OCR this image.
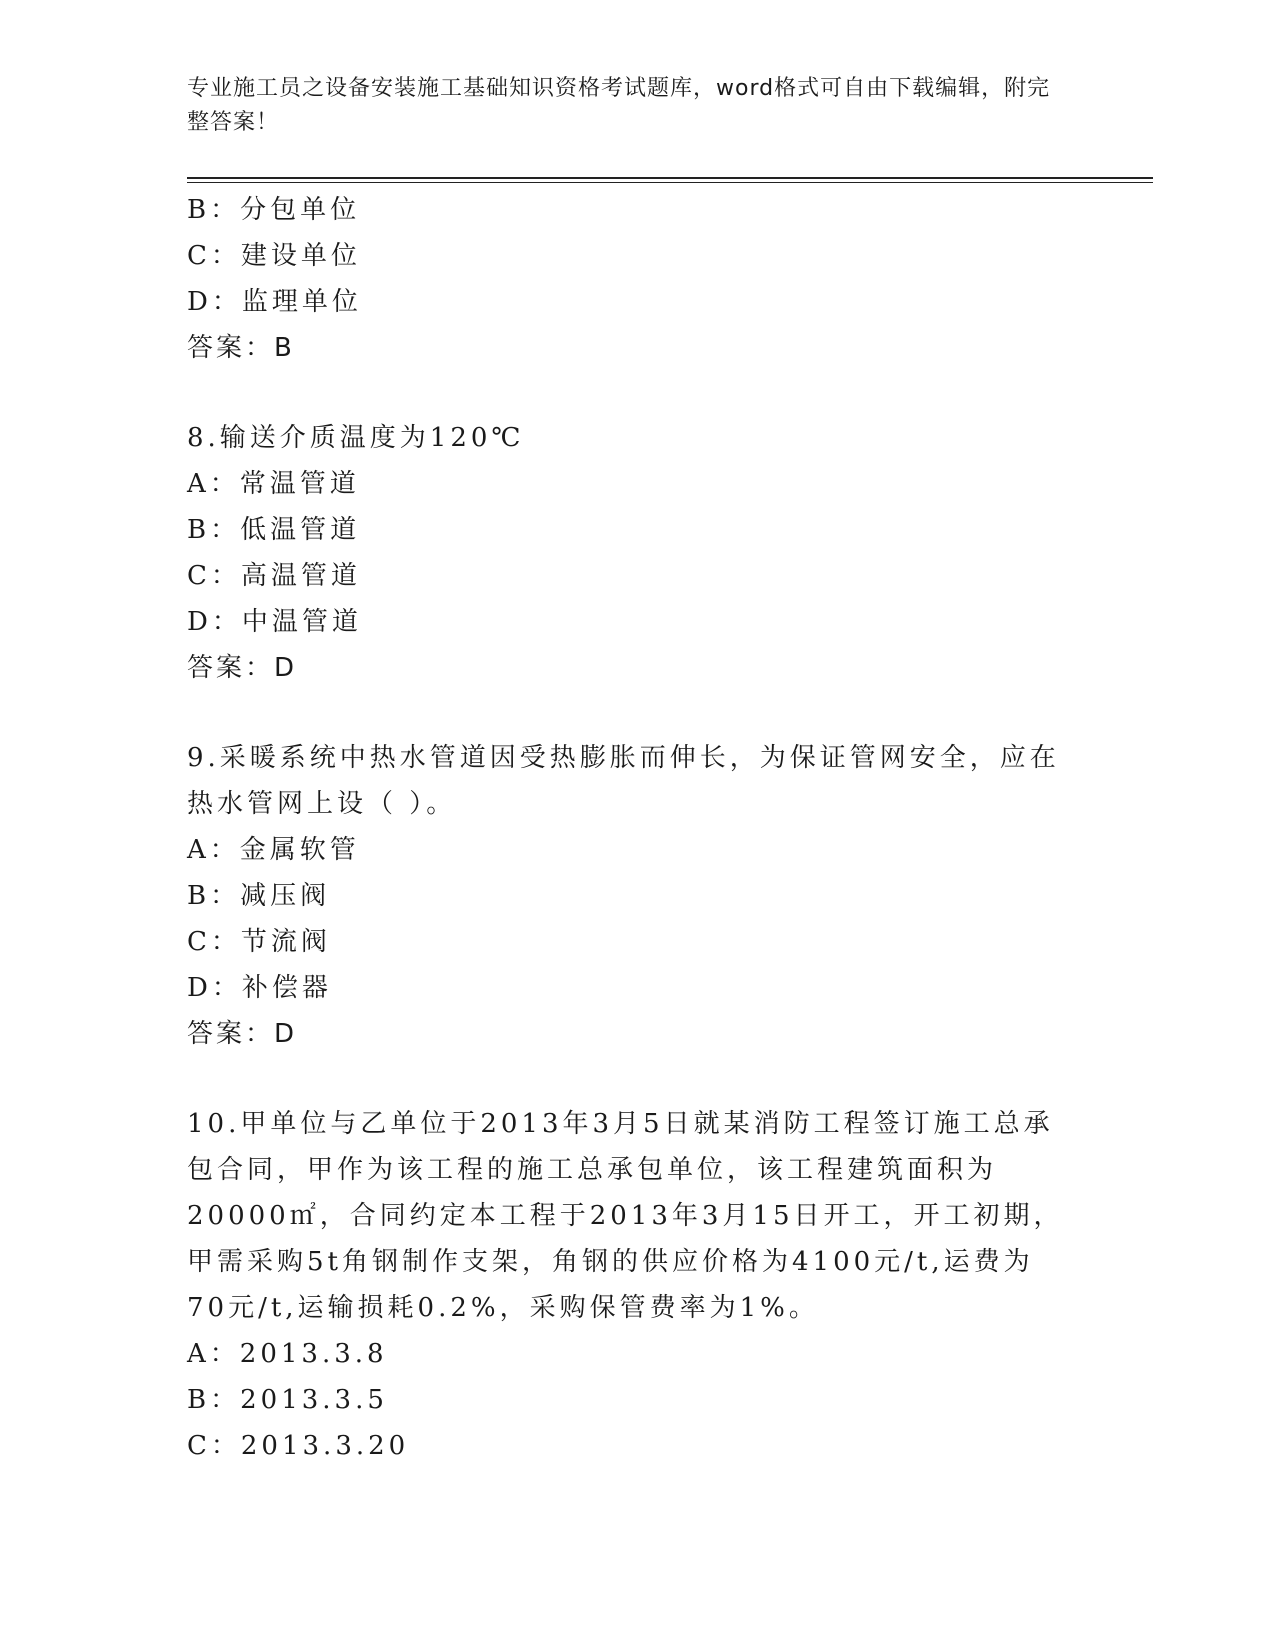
专业施工员之设备安装施工基础知识资格考试题库，word格式可自由下载编辑，附完整答案！
B：分包单位
C：建设单位
D：监理单位
答案：B
8.输送介质温度为120℃
A：常温管道
B：低温管道
C：高温管道
D：中温管道
答案：D
9.采暖系统中热水管道因受热膨胀而伸长，为保证管网安全，应在热水管网上设（ ）。
A：金属软管
B：减压阀
C：节流阀
D：补偿器
答案：D
10.甲单位与乙单位于2013年3月5日就某消防工程签订施工总承包合同，甲作为该工程的施工总承包单位，该工程建筑面积为20000㎡，合同约定本工程于2013年3月15日开工，开工初期，甲需采购5t角钢制作支架，角钢的供应价格为4100元/t,运费为70元/t,运输损耗0.2%，采购保管费率为1%。
A：2013.3.8
B：2013.3.5
C：2013.3.20
